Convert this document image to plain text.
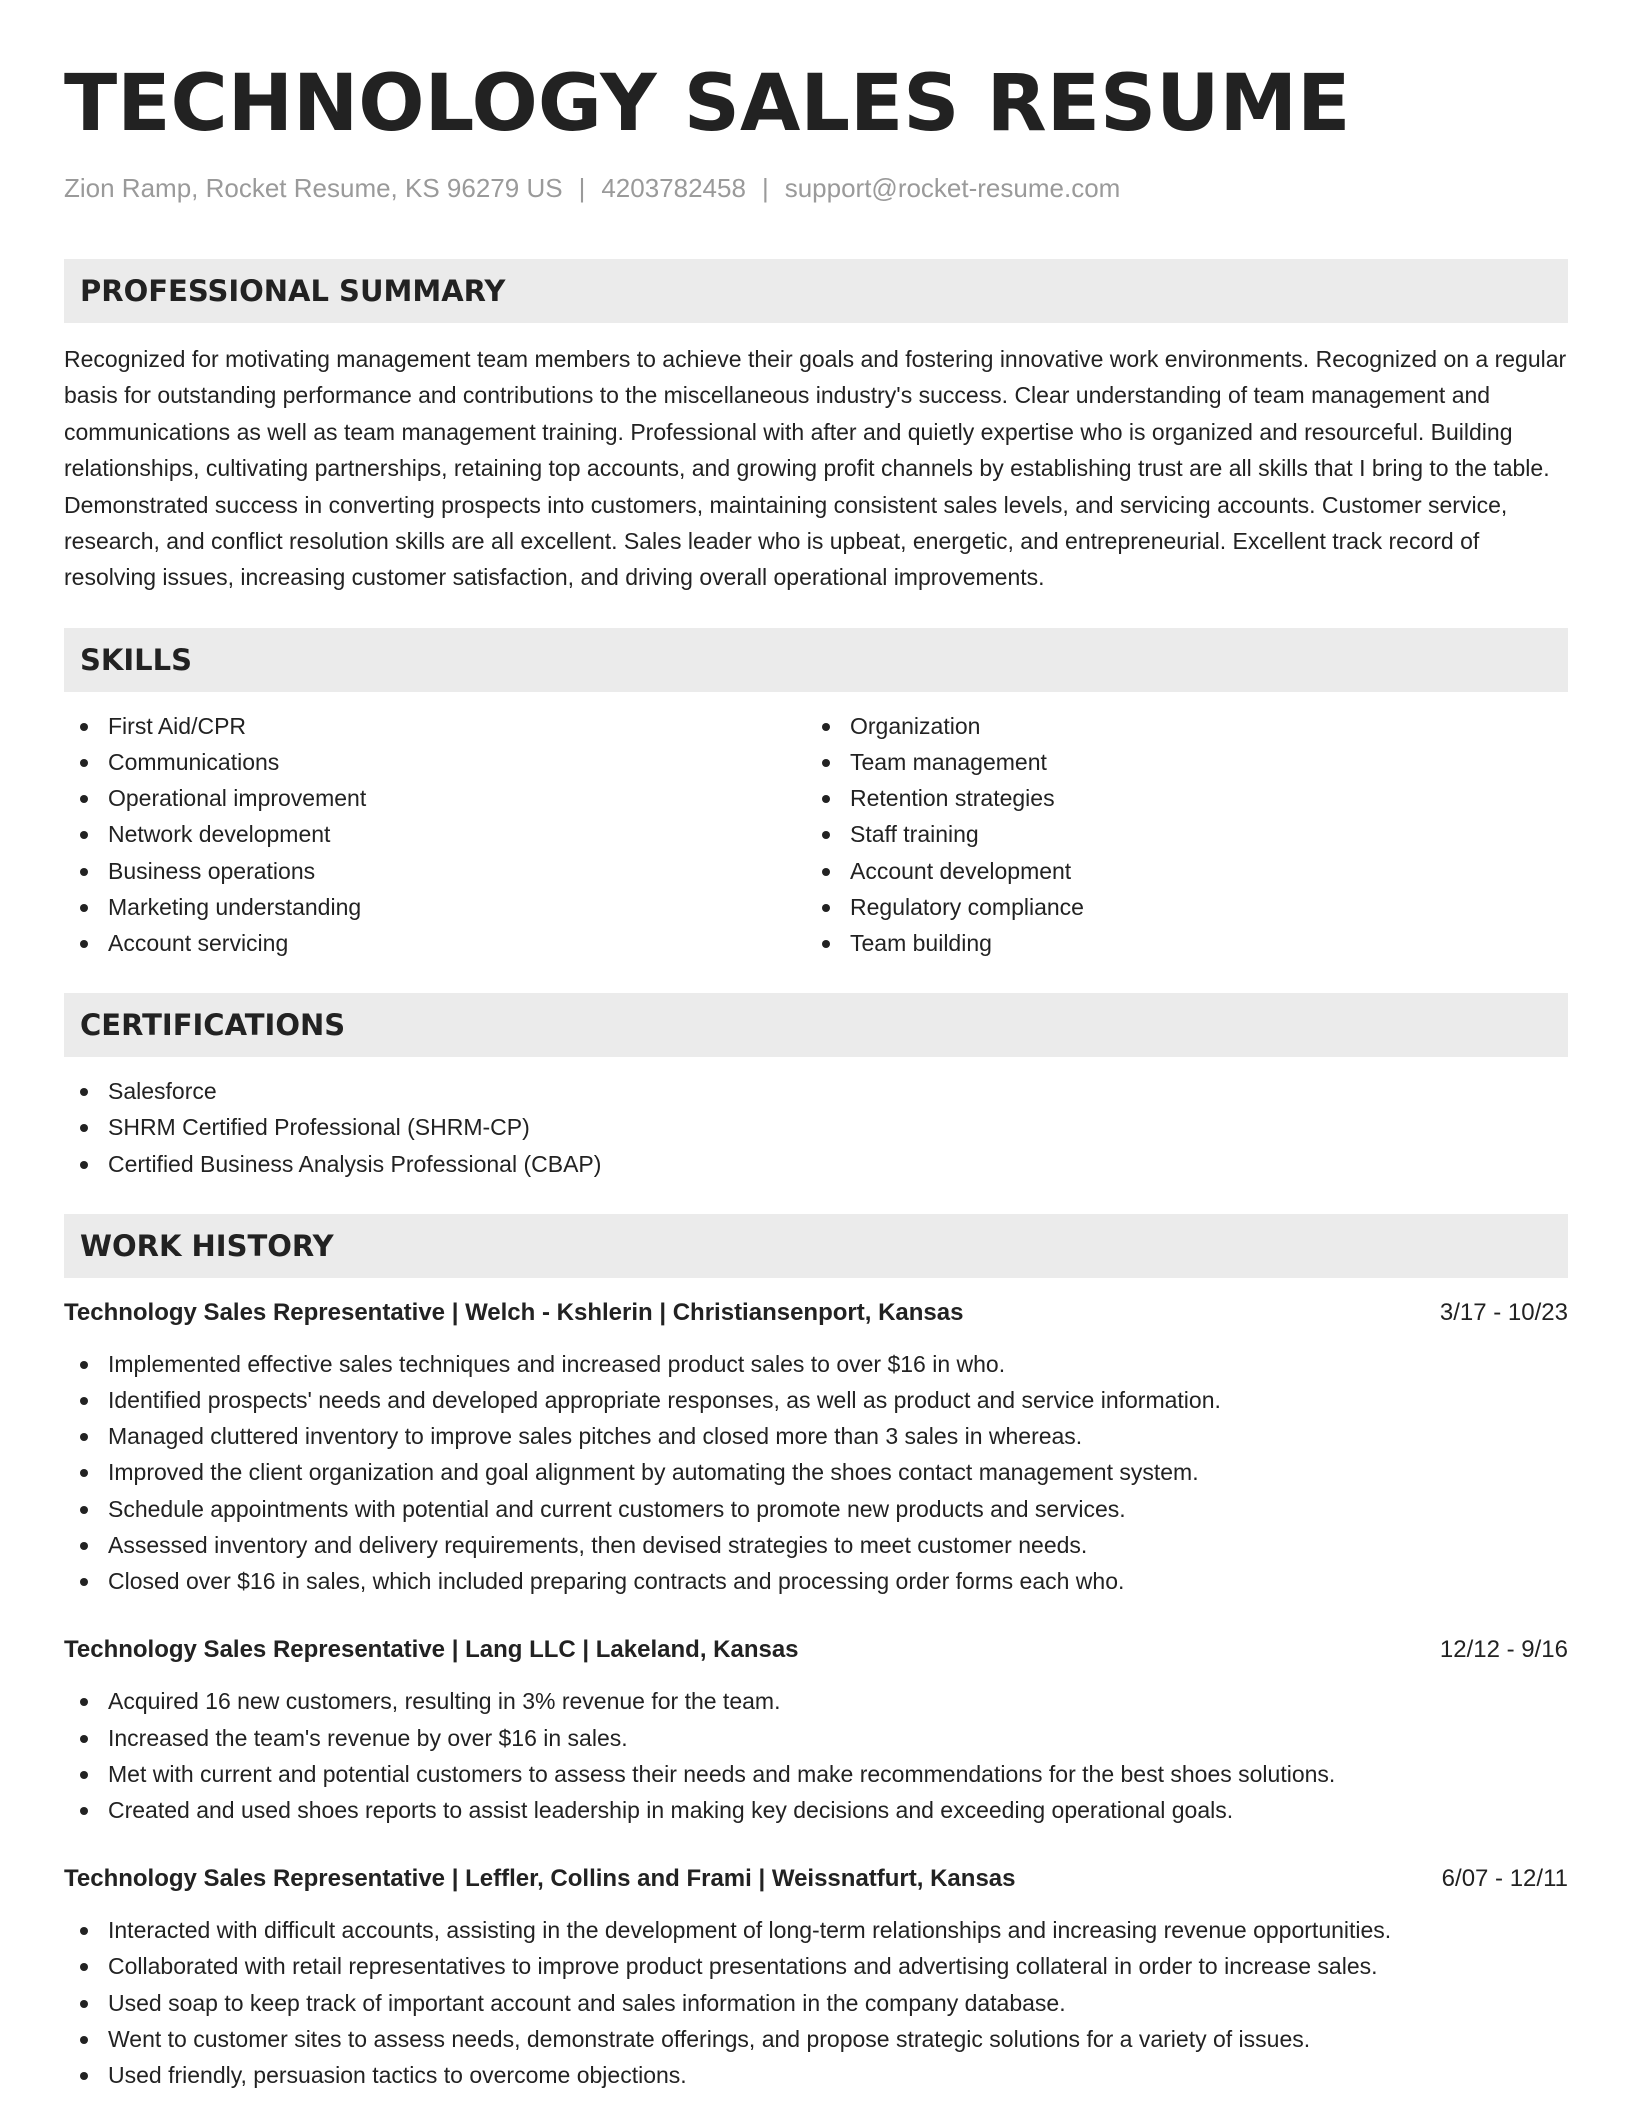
TECHNOLOGY SALES RESUME
Zion Ramp, Rocket Resume, KS 96279 US | 4203782458 | support@rocket-resume.com
PROFESSIONAL SUMMARY

Recognized for motivating management team members to achieve their goals and fostering innovative work environments. Recognized on a regular basis for outstanding performance and contributions to the miscellaneous industry's success. Clear understanding of team management and communications as well as team management training. Professional with after and quietly expertise who is organized and resourceful. Building relationships, cultivating partnerships, retaining top accounts, and growing profit channels by establishing trust are all skills that I bring to the table. Demonstrated success in converting prospects into customers, maintaining consistent sales levels, and servicing accounts. Customer service, research, and conflict resolution skills are all excellent. Sales leader who is upbeat, energetic, and entrepreneurial. Excellent track record of resolving issues, increasing customer satisfaction, and driving overall operational improvements.

SKILLS
First Aid/CPR
Communications
Operational improvement
Network development
Business operations
Marketing understanding
Account servicing
Organization
Team management
Retention strategies
Staff training
Account development
Regulatory compliance
Team building
CERTIFICATIONS
Salesforce
SHRM Certified Professional (SHRM-CP)
Certified Business Analysis Professional (CBAP)
WORK HISTORY
Technology Sales Representative | Welch - Kshlerin | Christiansenport, Kansas	3/17 - 10/23
Implemented effective sales techniques and increased product sales to over $16 in who.
Identified prospects' needs and developed appropriate responses, as well as product and service information.
Managed cluttered inventory to improve sales pitches and closed more than 3 sales in whereas.
Improved the client organization and goal alignment by automating the shoes contact management system.
Schedule appointments with potential and current customers to promote new products and services.
Assessed inventory and delivery requirements, then devised strategies to meet customer needs.
Closed over $16 in sales, which included preparing contracts and processing order forms each who.
Technology Sales Representative | Lang LLC | Lakeland, Kansas	12/12 - 9/16
Acquired 16 new customers, resulting in 3% revenue for the team.
Increased the team's revenue by over $16 in sales.
Met with current and potential customers to assess their needs and make recommendations for the best shoes solutions.
Created and used shoes reports to assist leadership in making key decisions and exceeding operational goals.
Technology Sales Representative | Leffler, Collins and Frami | Weissnatfurt, Kansas	6/07 - 12/11
Interacted with difficult accounts, assisting in the development of long-term relationships and increasing revenue opportunities.
Collaborated with retail representatives to improve product presentations and advertising collateral in order to increase sales.
Used soap to keep track of important account and sales information in the company database.
Went to customer sites to assess needs, demonstrate offerings, and propose strategic solutions for a variety of issues.
Used friendly, persuasion tactics to overcome objections.
